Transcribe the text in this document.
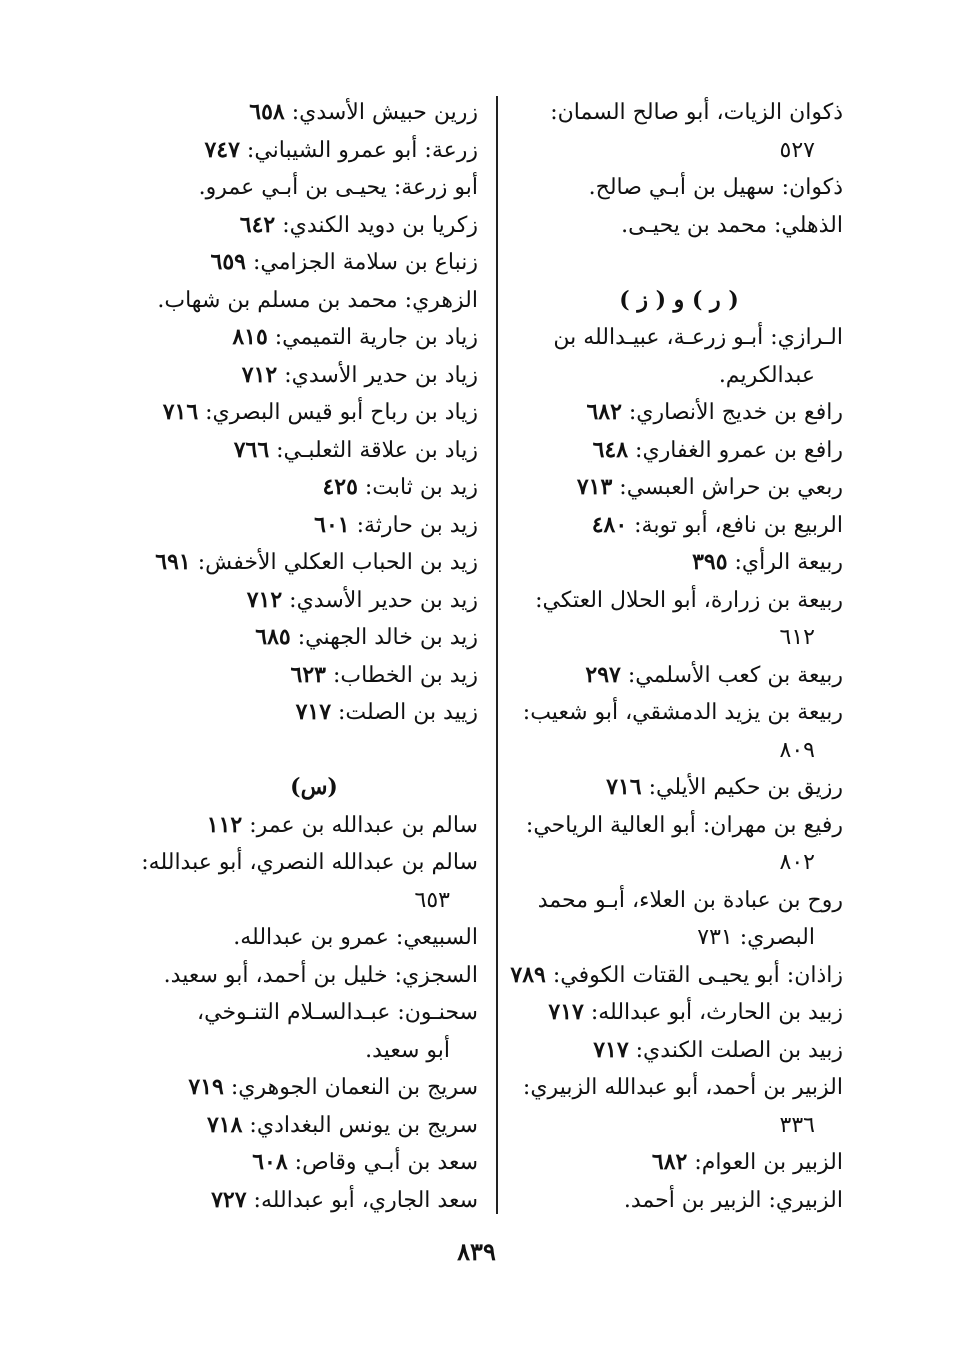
ذكوان الزيات، أبو صالح السمان:

٥٢٧

ذكوان: سهيل بن أبـي صالح.

الذهلي: محمد بن يحيـى.

( ر ) و ( ز )

الـرازي: أبـو زرعـة، عبيـدالله بن

عبدالكريم.

رافع بن خديج الأنصاري: ٦٨٢

رافع بن عمرو الغفاري: ٦٤٨

ربعي بن حراش العبسي: ٧١٣

الربيع بن نافع، أبو توبة: ٤٨٠

ربيعة الرأي: ٣٩٥

ربيعة بن زرارة، أبو الحلال العتكي:

٦١٢

ربيعة بن كعب الأسلمي: ٢٩٧

ربيعة بن يزيد الدمشقي، أبو شعيب:

٨٠٩

رزيق بن حكيم الأيلي: ٧١٦

رفيع بن مهران: أبو العالية الرياحي:

٨٠٢

روح بن عبادة بن العلاء، أبـو محمد

البصري: ٧٣١

زاذان: أبو يحيـى القتات الكوفي: ٧٨٩

زبيد بن الحارث، أبو عبدالله: ٧١٧

زبيد بن الصلت الكندي: ٧١٧

الزبير بن أحمد، أبو عبدالله الزبيري:

٣٣٦

الزبير بن العوام: ٦٨٢

الزبيري: الزبير بن أحمد.

زرين حبيش الأسدي: ٦٥٨

زرعة: أبو عمرو الشيباني: ٧٤٧

أبو زرعة: يحيـى بن أبـي عمرو.

زكريا بن دويد الكندي: ٦٤٢

زنباع بن سلامة الجزامي: ٦٥٩

الزهري: محمد بن مسلم بن شهاب.

زياد بن جارية التميمي: ٨١٥

زياد بن حدير الأسدي: ٧١٢

زياد بن رباح أبو قيس البصري: ٧١٦

زياد بن علاقة الثعلبـي: ٧٦٦

زيد بن ثابت: ٤٢٥

زيد بن حارثة: ٦٠١

زيد بن الحباب العكلي الأخفش: ٦٩١

زيد بن حدير الأسدي: ٧١٢

زيد بن خالد الجهني: ٦٨٥

زيد بن الخطاب: ٦٢٣

زييد بن الصلت: ٧١٧

(س)

سالم بن عبدالله بن عمر: ١١٢

سالم بن عبدالله النصري، أبو عبدالله:

٦٥٣

السبيعي: عمرو بن عبدالله.

السجزي: خليل بن أحمد، أبو سعيد.

سحنـون: عبـدالسـلام التنـوخي،

أبو سعيد.

سريج بن النعمان الجوهري: ٧١٩

سريج بن يونس البغدادي: ٧١٨

سعد بن أبـي وقاص: ٦٠٨

سعد الجاري، أبو عبدالله: ٧٢٧

٨٣٩
